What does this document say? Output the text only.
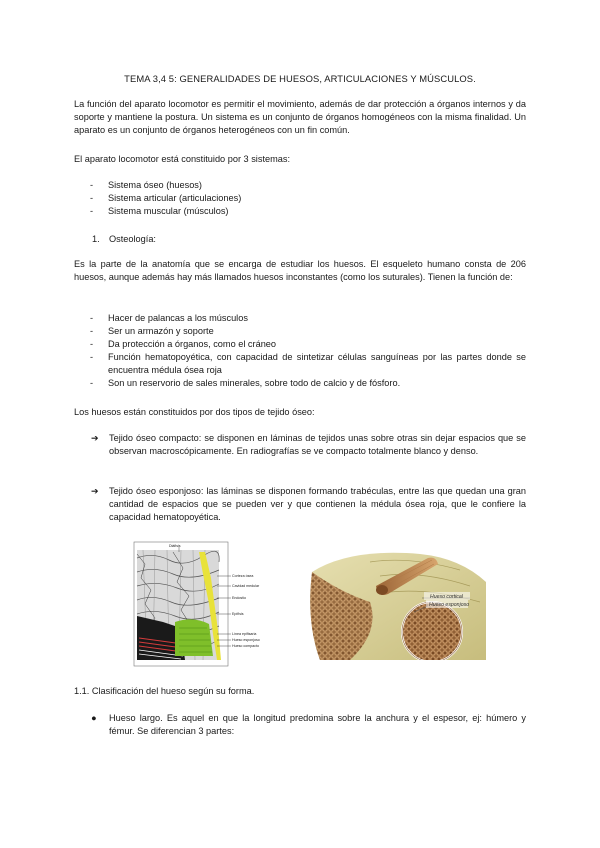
TEMA 3,4 5: GENERALIDADES DE HUESOS, ARTICULACIONES Y MÚSCULOS.
La función del aparato locomotor es permitir el movimiento, además de dar protección a órganos internos y da soporte y mantiene la postura. Un sistema es un conjunto de órganos homogéneos con la misma finalidad. Un aparato es un conjunto de órganos heterogéneos con un fin común.
El aparato locomotor está constituido por 3 sistemas:
- Sistema óseo (huesos)
- Sistema articular (articulaciones)
- Sistema muscular (músculos)
1. Osteología:
Es la parte de la anatomía que se encarga de estudiar los huesos. El esqueleto humano consta de 206 huesos, aunque además hay más llamados huesos inconstantes (como los suturales). Tienen la función de:
- Hacer de palancas a los músculos
- Ser un armazón y soporte
- Da protección a órganos, como el cráneo
- Función hematopoyética, con capacidad de sintetizar células sanguíneas por las partes donde se encuentra médula ósea roja
- Son un reservorio de sales minerales, sobre todo de calcio y de fósforo.
Los huesos están constituidos por dos tipos de tejido óseo:
➔ Tejido óseo compacto: se disponen en láminas de tejidos unas sobre otras sin dejar espacios que se observan macroscópicamente. En radiografías se ve compacto totalmente blanco y denso.
➔ Tejido óseo esponjoso: las láminas se disponen formando trabéculas, entre las que quedan una gran cantidad de espacios que se pueden ver y que contienen la médula ósea roja, que le confiere la capacidad hematopoyética.
Diáfisis
Corteza ósea
Cavidad medular
Endostio
Epífisis
Línea epifisaria
Hueso esponjoso
Hueso compacto
Hueso cortical
Hueso esponjoso
1.1. Clasificación del hueso según su forma.
● Hueso largo. Es aquel en que la longitud predomina sobre la anchura y el espesor, ej: húmero y fémur. Se diferencian 3 partes:
